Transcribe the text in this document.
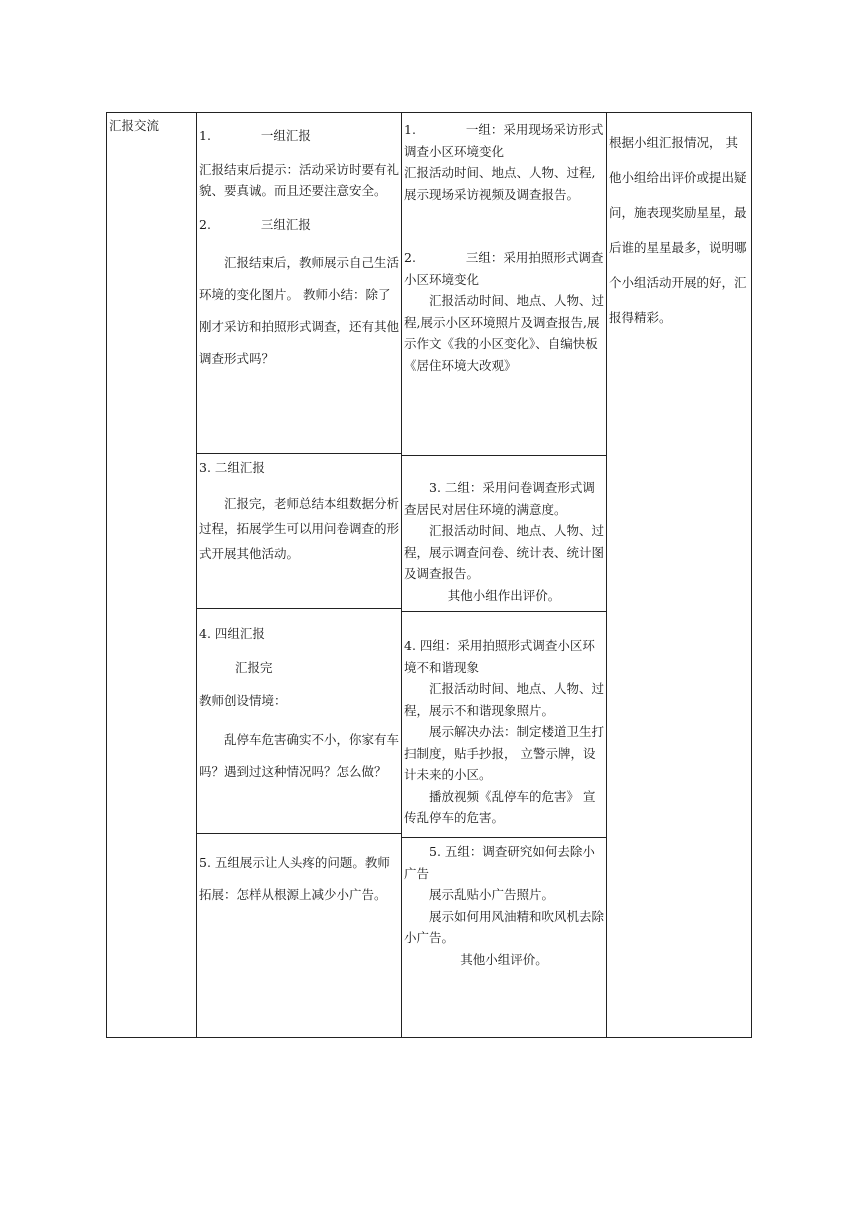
汇报交流

1.　　　　一组汇报

汇报结束后提示：活动采访时要有礼貌、要真诚。而且还要注意安全。

2.　　　　三组汇报

汇报结束后，教师展示自己生活环境的变化图片。 教师小结：除了刚才采访和拍照形式调查，还有其他调查形式吗？

3. 二组汇报

汇报完，老师总结本组数据分析过程，拓展学生可以用问卷调查的形式开展其他活动。

4. 四组汇报

汇报完

教师创设情境：

乱停车危害确实不小，你家有车吗？遇到过这种情况吗？怎么做？

5. 五组展示让人头疼的问题。教师拓展：怎样从根源上减少小广告。

1.　　　　一组：采用现场采访形式调查小区环境变化

汇报活动时间、地点、人物、过程,展示现场采访视频及调查报告。

2.　　　　三组：采用拍照形式调查小区环境变化

汇报活动时间、地点、人物、过程,展示小区环境照片及调查报告,展示作文《我的小区变化》、自编快板《居住环境大改观》

3. 二组：采用问卷调查形式调查居民对居住环境的满意度。

汇报活动时间、地点、人物、过程，展示调查问卷、统计表、统计图及调查报告。

其他小组作出评价。

4. 四组：采用拍照形式调查小区环境不和谐现象

汇报活动时间、地点、人物、过程，展示不和谐现象照片。

展示解决办法：制定楼道卫生打扫制度，贴手抄报， 立警示牌，设计未来的小区。

播放视频《乱停车的危害》 宣传乱停车的危害。

5. 五组：调查研究如何去除小广告

展示乱贴小广告照片。

展示如何用风油精和吹风机去除小广告。

其他小组评价。

根据小组汇报情况， 其他小组给出评价或提出疑问，施表现奖励星星，最后谁的星星最多，说明哪个小组活动开展的好，汇报得精彩。
